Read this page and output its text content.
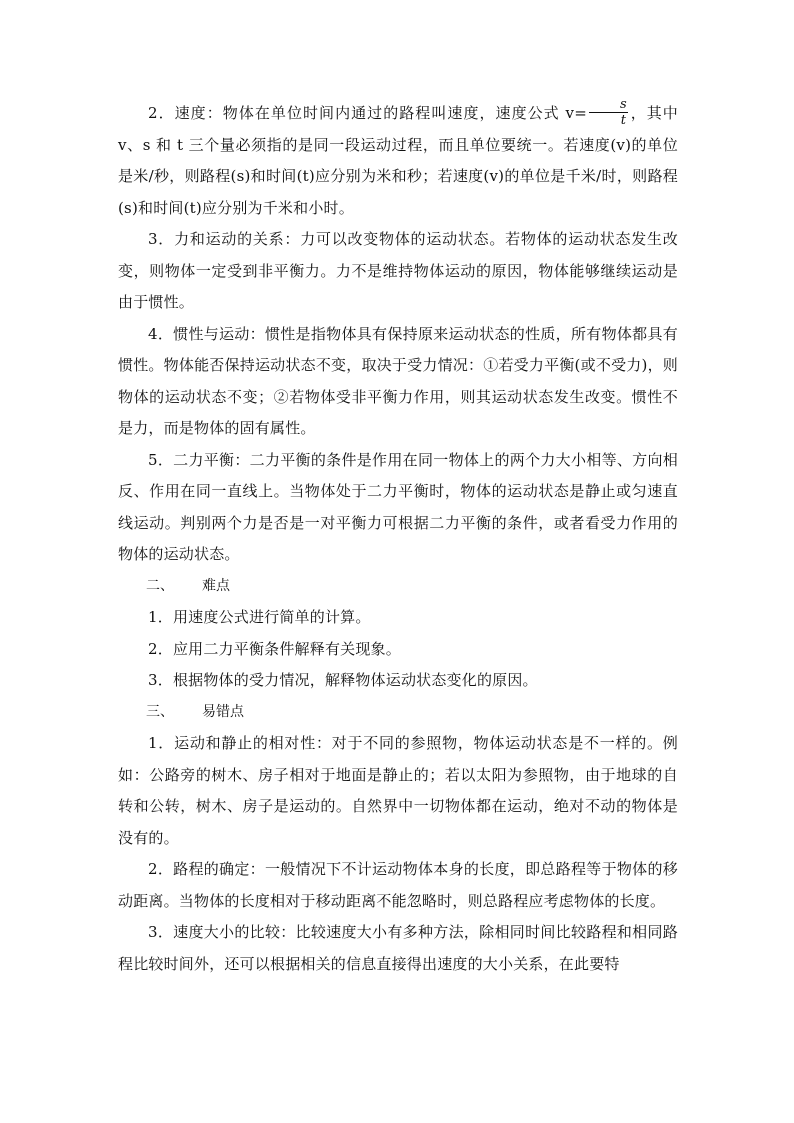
2．速度：物体在单位时间内通过的路程叫速度，速度公式 $v= \frac{s}{t}$ ，其中 v、s 和 t 三个量必须指的是同一段运动过程，而且单位要统一。若速度(v)的单位是米/秒，则路程(s)和时间(t)应分别为米和秒；若速度(v)的单位是千米/时，则路程(s)和时间(t)应分别为千米和小时。

3．力和运动的关系：力可以改变物体的运动状态。若物体的运动状态发生改变，则物体一定受到非平衡力。力不是维持物体运动的原因，物体能够继续运动是由于惯性。

4．惯性与运动：惯性是指物体具有保持原来运动状态的性质，所有物体都具有惯性。物体能否保持运动状态不变，取决于受力情况：①若受力平衡(或不受力)，则物体的运动状态不变；②若物体受非平衡力作用，则其运动状态发生改变。惯性不是力，而是物体的固有属性。

5．二力平衡：二力平衡的条件是作用在同一物体上的两个力大小相等、方向相反、作用在同一直线上。当物体处于二力平衡时，物体的运动状态是静止或匀速直线运动。判别两个力是否是一对平衡力可根据二力平衡的条件，或者看受力作用的物体的运动状态。

二、 难点

1．用速度公式进行简单的计算。

2．应用二力平衡条件解释有关现象。

3．根据物体的受力情况，解释物体运动状态变化的原因。

三、 易错点

1．运动和静止的相对性：对于不同的参照物，物体运动状态是不一样的。例如：公路旁的树木、房子相对于地面是静止的；若以太阳为参照物，由于地球的自转和公转，树木、房子是运动的。自然界中一切物体都在运动，绝对不动的物体是没有的。

2．路程的确定：一般情况下不计运动物体本身的长度，即总路程等于物体的移动距离。当物体的长度相对于移动距离不能忽略时，则总路程应考虑物体的长度。

3．速度大小的比较：比较速度大小有多种方法，除相同时间比较路程和相同路程比较时间外，还可以根据相关的信息直接得出速度的大小关系，在此要特
